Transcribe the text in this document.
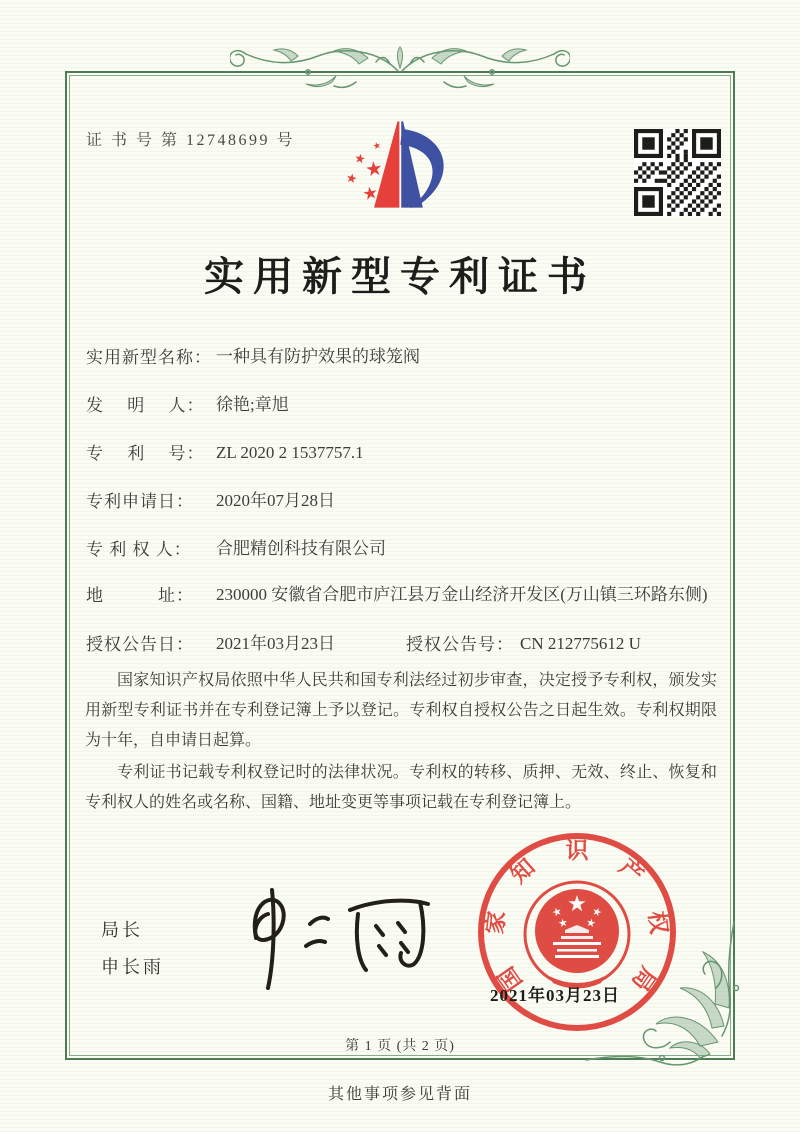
证 书 号 第 12748699 号
实用新型专利证书
实用新型名称： 一种具有防护效果的球笼阀
发　 明　 人： 徐艳;章旭
专　 利　 号： ZL 2020 2 1537757.1
专利申请日：	2020年07月28日
专 利 权 人：	合肥精创科技有限公司
地　　　址：	230000 安徽省合肥市庐江县万金山经济开发区(万山镇三环路东侧)
授权公告日：	2021年03月23日	授权公告号： CN 212775612 U

国家知识产权局依照中华人民共和国专利法经过初步审查，决定授予专利权，颁发实用新型专利证书并在专利登记簿上予以登记。专利权自授权公告之日起生效。专利权期限为十年，自申请日起算。

专利证书记载专利权登记时的法律状况。专利权的转移、质押、无效、终止、恢复和专利权人的姓名或名称、国籍、地址变更等事项记载在专利登记簿上。

局长
申长雨	国
家
知
识
产
权
局
2021年03月23日
第 1 页 (共 2 页)
其他事项参见背面
